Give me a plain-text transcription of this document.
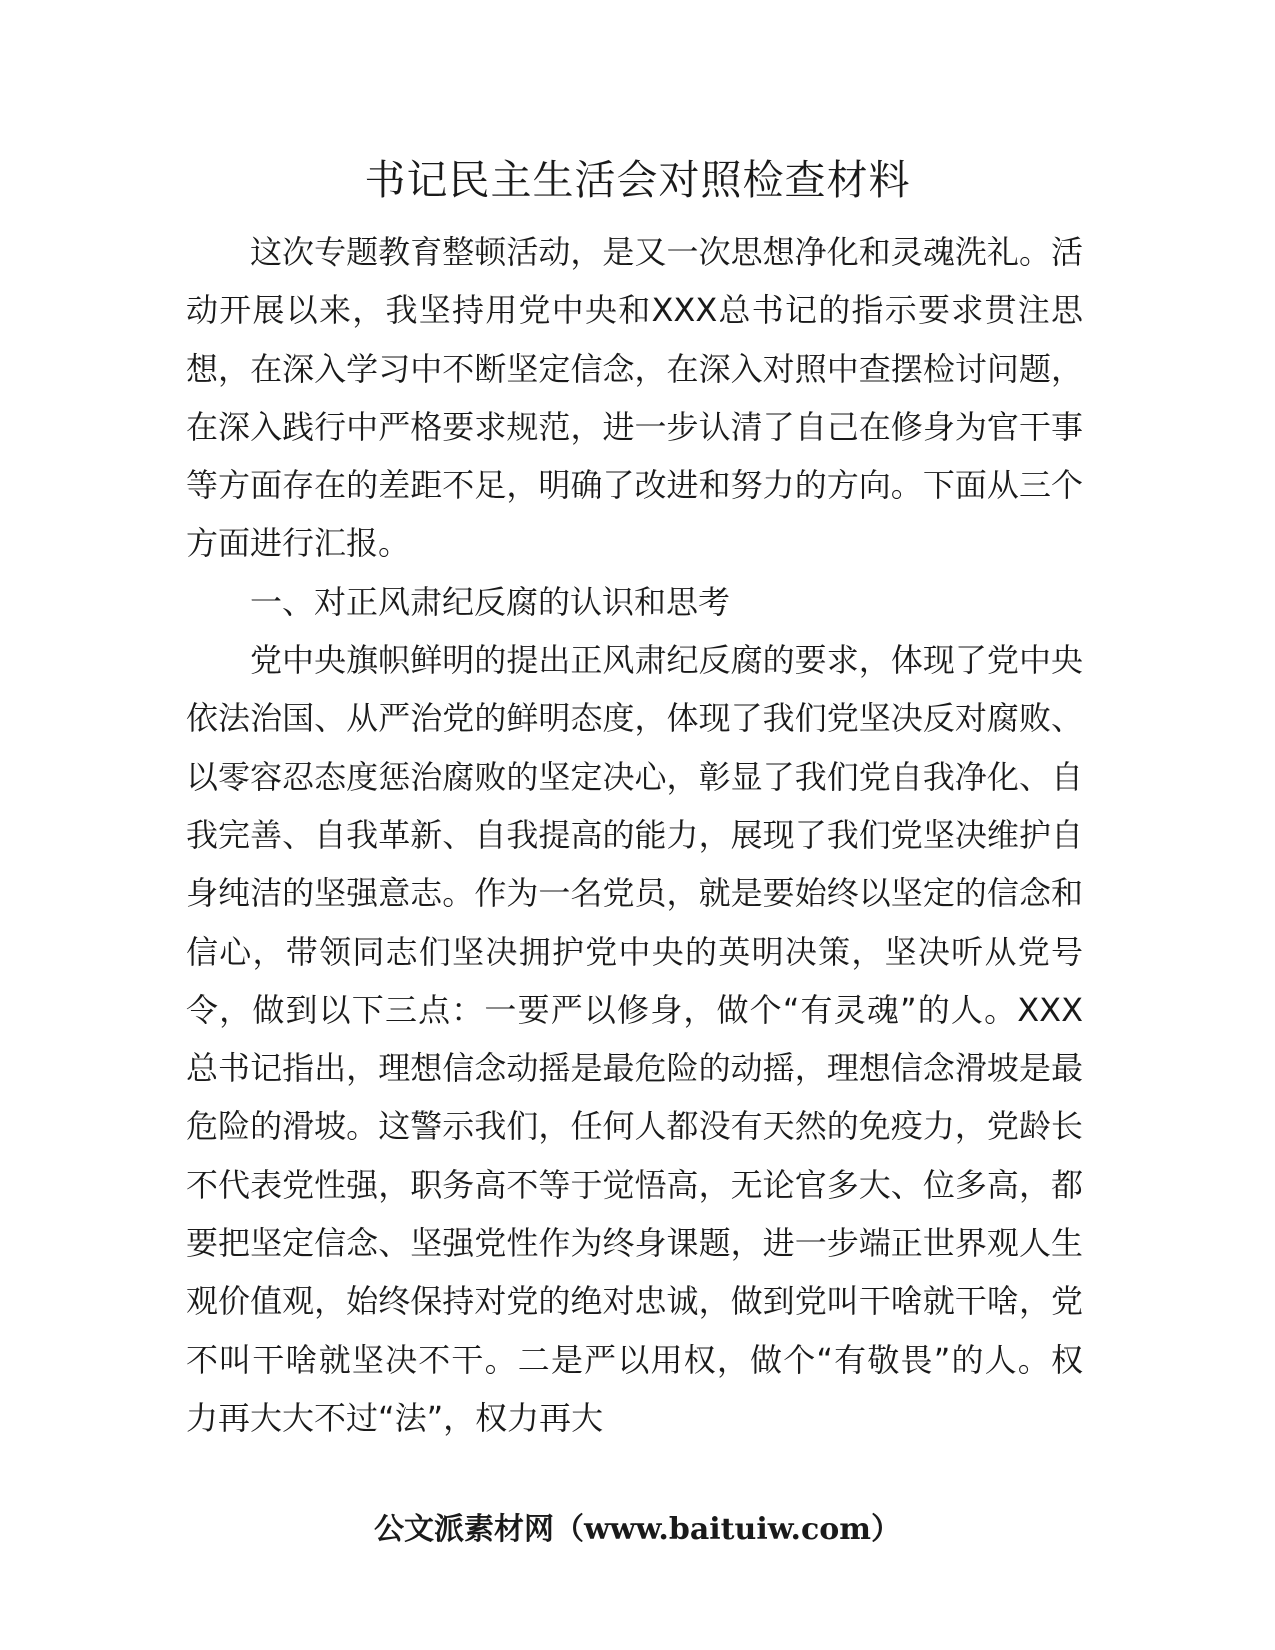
书记民主生活会对照检查材料

这次专题教育整顿活动，是又一次思想净化和灵魂洗礼。活动开展以来，我坚持用党中央和XXX总书记的指示要求贯注思想，在深入学习中不断坚定信念，在深入对照中查摆检讨问题，在深入践行中严格要求规范，进一步认清了自己在修身为官干事等方面存在的差距不足，明确了改进和努力的方向。下面从三个方面进行汇报。

一、对正风肃纪反腐的认识和思考

党中央旗帜鲜明的提出正风肃纪反腐的要求，体现了党中央依法治国、从严治党的鲜明态度，体现了我们党坚决反对腐败、以零容忍态度惩治腐败的坚定决心，彰显了我们党自我净化、自我完善、自我革新、自我提高的能力，展现了我们党坚决维护自身纯洁的坚强意志。作为一名党员，就是要始终以坚定的信念和信心，带领同志们坚决拥护党中央的英明决策，坚决听从党号令，做到以下三点：一要严以修身，做个“有灵魂”的人。XXX总书记指出，理想信念动摇是最危险的动摇，理想信念滑坡是最危险的滑坡。这警示我们，任何人都没有天然的免疫力，党龄长不代表党性强，职务高不等于觉悟高，无论官多大、位多高，都要把坚定信念、坚强党性作为终身课题，进一步端正世界观人生观价值观，始终保持对党的绝对忠诚，做到党叫干啥就干啥，党不叫干啥就坚决不干。二是严以用权，做个“有敬畏”的人。权力再大大不过“法”，权力再大

公文派素材网（www.baituiw.com）
